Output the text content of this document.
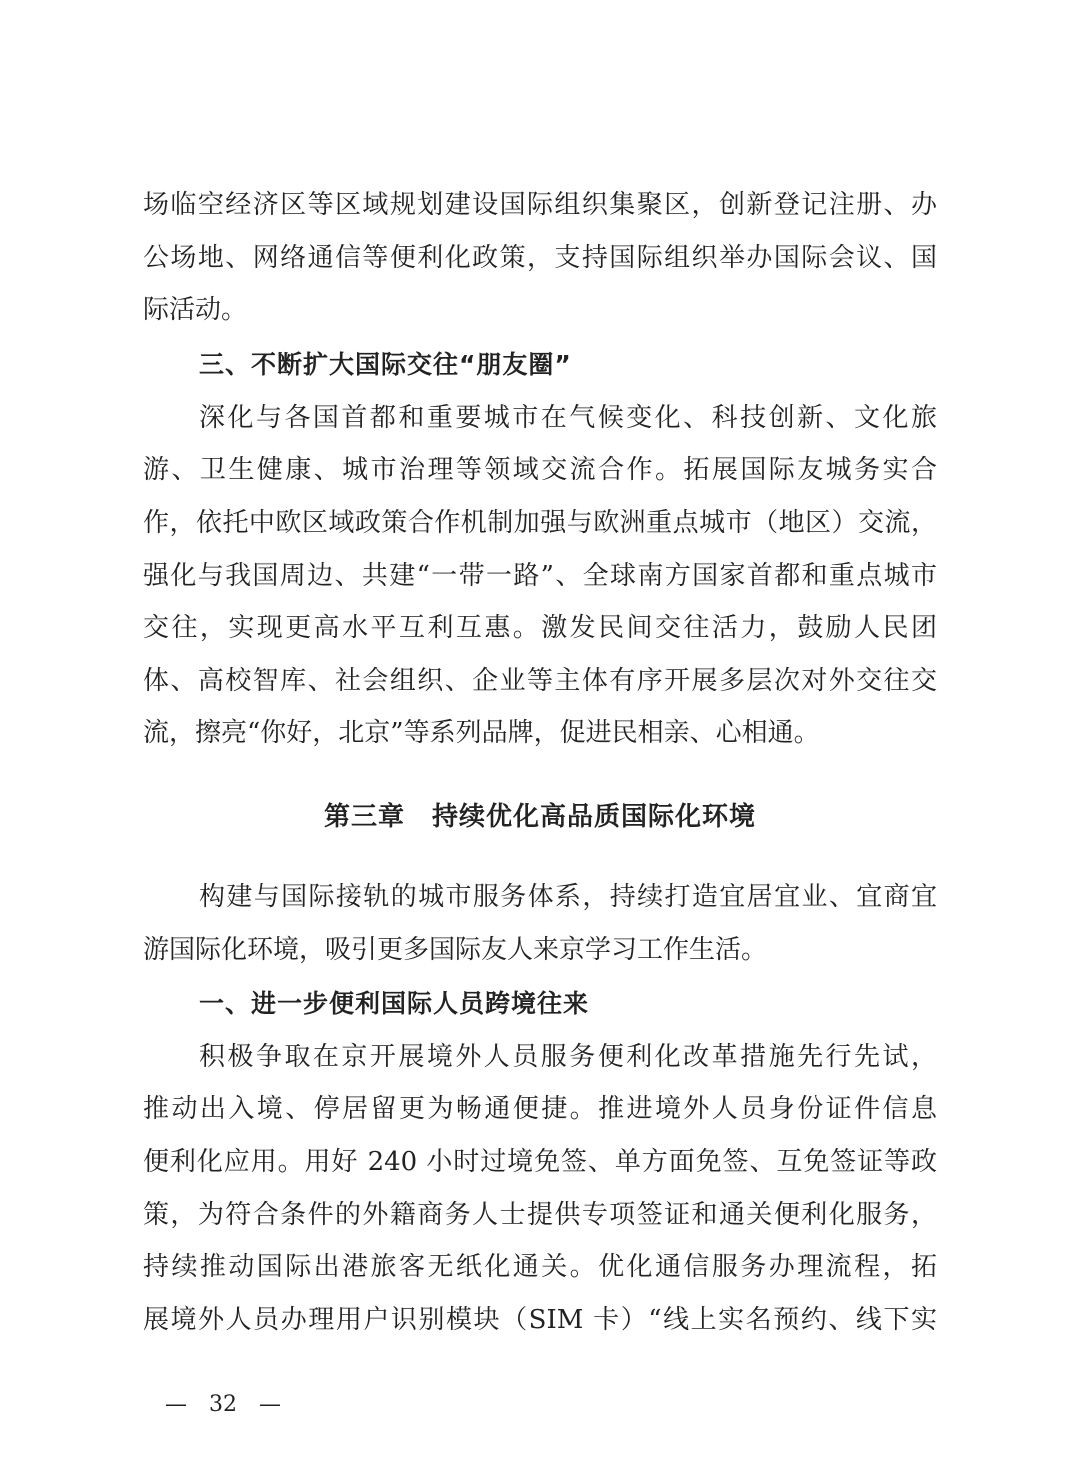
场临空经济区等区域规划建设国际组织集聚区，创新登记注册、办
公场地、网络通信等便利化政策，支持国际组织举办国际会议、国
际活动。
三、不断扩大国际交往“朋友圈”
深化与各国首都和重要城市在气候变化、科技创新、文化旅
游、卫生健康、城市治理等领域交流合作。拓展国际友城务实合
作，依托中欧区域政策合作机制加强与欧洲重点城市（地区）交流，
强化与我国周边、共建“一带一路”、全球南方国家首都和重点城市
交往，实现更高水平互利互惠。激发民间交往活力，鼓励人民团
体、高校智库、社会组织、企业等主体有序开展多层次对外交往交
流，擦亮“你好，北京”等系列品牌，促进民相亲、心相通。
第三章　持续优化高品质国际化环境
构建与国际接轨的城市服务体系，持续打造宜居宜业、宜商宜
游国际化环境，吸引更多国际友人来京学习工作生活。
一、进一步便利国际人员跨境往来
积极争取在京开展境外人员服务便利化改革措施先行先试，
推动出入境、停居留更为畅通便捷。推进境外人员身份证件信息
便利化应用。用好 240 小时过境免签、单方面免签、互免签证等政
策，为符合条件的外籍商务人士提供专项签证和通关便利化服务，
持续推动国际出港旅客无纸化通关。优化通信服务办理流程，拓
展境外人员办理用户识别模块（SIM 卡）“线上实名预约、线下实
—　32　—
